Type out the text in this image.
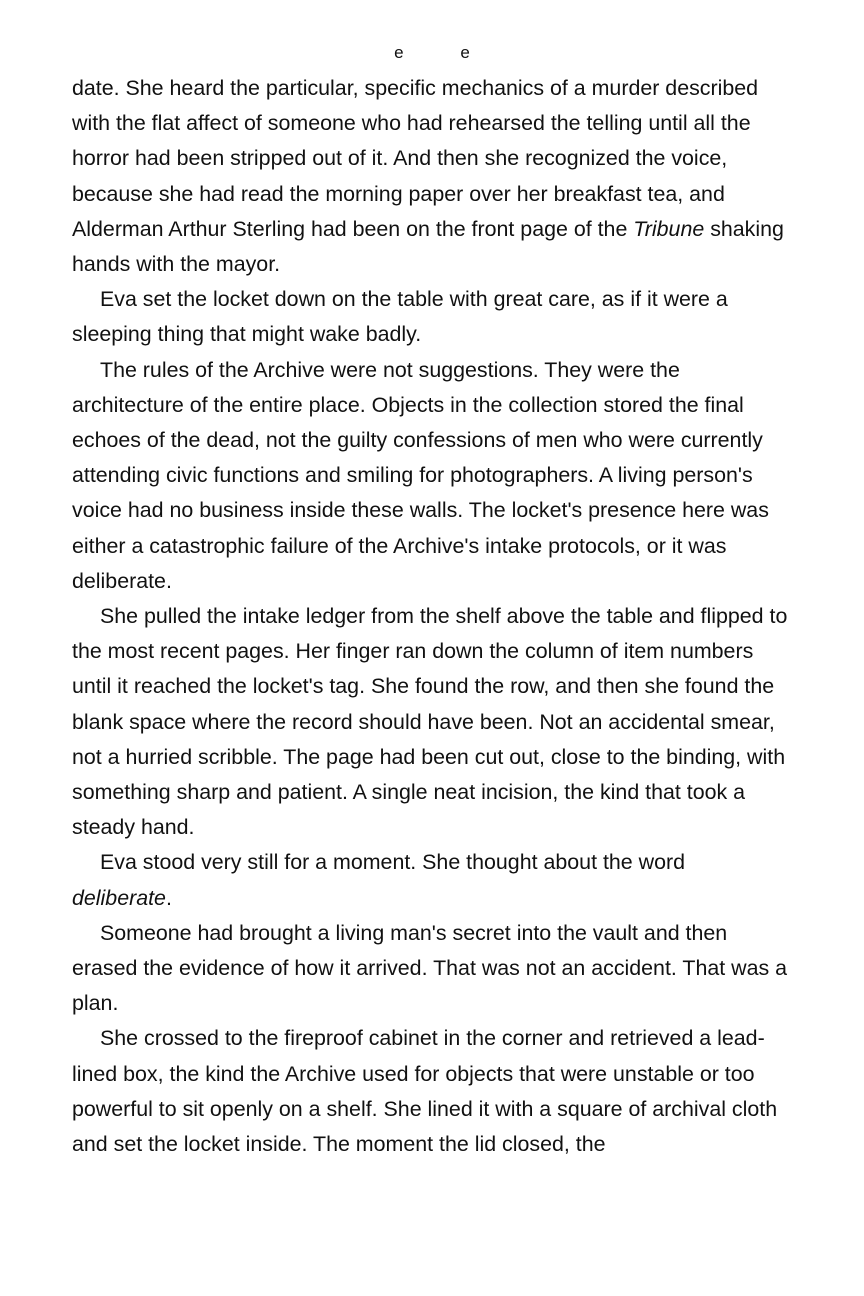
e	e

date. She heard the particular, specific mechanics of a murder described with the flat affect of someone who had rehearsed the telling until all the horror had been stripped out of it. And then she recognized the voice, because she had read the morning paper over her breakfast tea, and Alderman Arthur Sterling had been on the front page of the Tribune shaking hands with the mayor.

Eva set the locket down on the table with great care, as if it were a sleeping thing that might wake badly.

The rules of the Archive were not suggestions. They were the architecture of the entire place. Objects in the collection stored the final echoes of the dead, not the guilty confessions of men who were currently attending civic functions and smiling for photographers. A living person's voice had no business inside these walls. The locket's presence here was either a catastrophic failure of the Archive's intake protocols, or it was deliberate.

She pulled the intake ledger from the shelf above the table and flipped to the most recent pages. Her finger ran down the column of item numbers until it reached the locket's tag. She found the row, and then she found the blank space where the record should have been. Not an accidental smear, not a hurried scribble. The page had been cut out, close to the binding, with something sharp and patient. A single neat incision, the kind that took a steady hand.

Eva stood very still for a moment. She thought about the word deliberate.

Someone had brought a living man's secret into the vault and then erased the evidence of how it arrived. That was not an accident. That was a plan.

She crossed to the fireproof cabinet in the corner and retrieved a lead-lined box, the kind the Archive used for objects that were unstable or too powerful to sit openly on a shelf. She lined it with a square of archival cloth and set the locket inside. The moment the lid closed, the
